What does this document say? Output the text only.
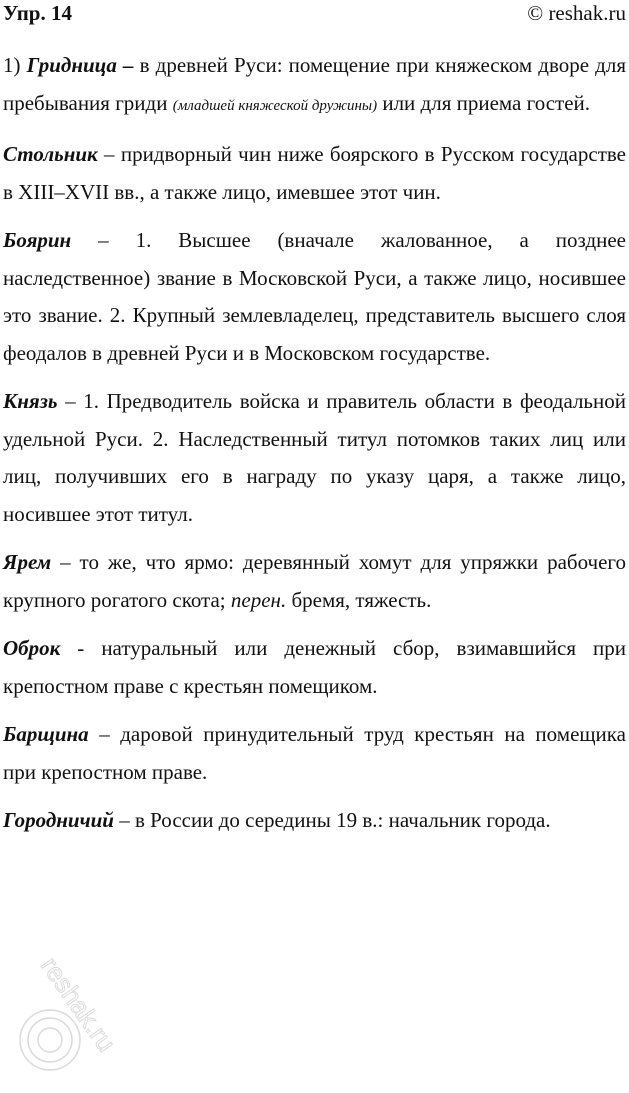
Упр. 14	© reshak.ru

1) Гридница – в древней Руси: помещение при княжеском дворе для пребывания гриди (младшей княжеской дружины) или для приема гостей.

Стольник – придворный чин ниже боярского в Русском государстве в XIII–XVII вв., а также лицо, имевшее этот чин.

Боярин – 1. Высшее (вначале жалованное, а позднее наследственное) звание в Московской Руси, а также лицо, носившее это звание. 2. Крупный землевладелец, представитель высшего слоя феодалов в древней Руси и в Московском государстве.

Князь – 1. Предводитель войска и правитель области в феодальной удельной Руси. 2. Наследственный титул потомков таких лиц или лиц, получивших его в награду по указу царя, а также лицо, носившее этот титул.

Ярем – то же, что ярмо: деревянный хомут для упряжки рабочего крупного рогатого скота; перен. бремя, тяжесть.

Оброк - натуральный или денежный сбор, взимавшийся при крепостном праве с крестьян помещиком.

Барщина – даровой принудительный труд крестьян на помещика при крепостном праве.

Городничий – в России до середины 19 в.: начальник города.

reshak.ru
